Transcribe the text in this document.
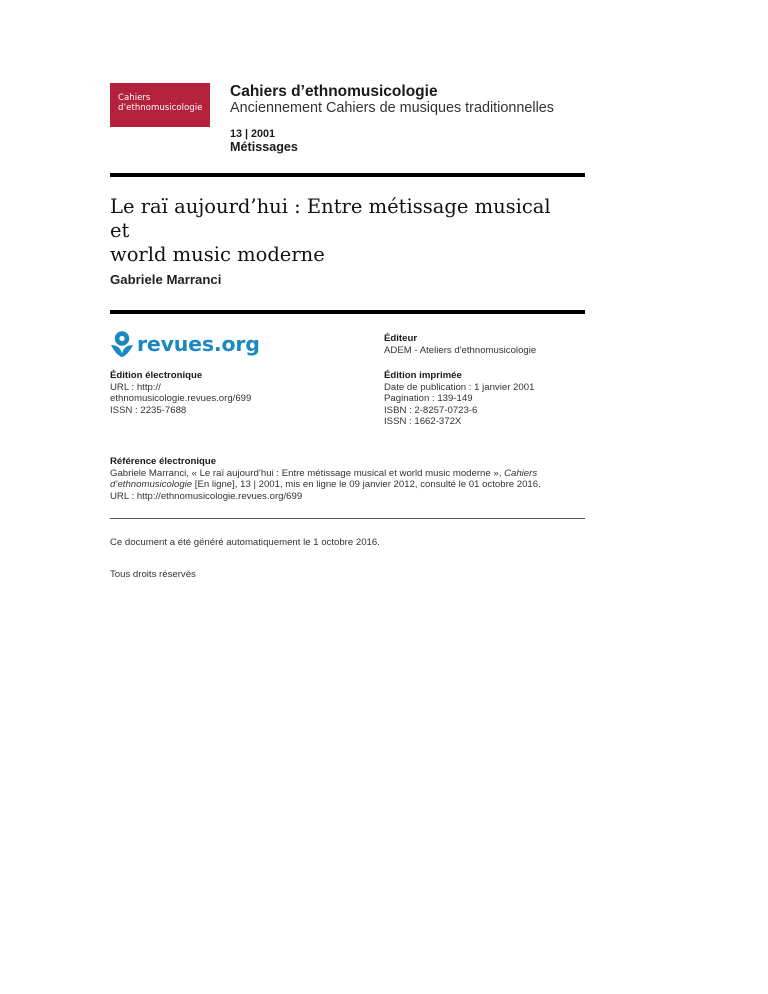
Cahiers
d’ethnomusicologie
Cahiers d’ethnomusicologie
Anciennement Cahiers de musiques traditionnelles
13 | 2001
Métissages
Le raï aujourd’hui : Entre métissage musical et
world music moderne
Gabriele Marranci
revues.org	Éditeur
ADEM - Ateliers d'ethnomusicologie
Édition électronique
URL : http://
ethnomusicologie.revues.org/699
ISSN : 2235-7688
Édition imprimée
Date de publication : 1 janvier 2001
Pagination : 139-149
ISBN : 2-8257-0723-6
ISSN : 1662-372X
Référence électronique
Gabriele Marranci, « Le raï aujourd’hui : Entre métissage musical et world music moderne », Cahiers
d’ethnomusicologie [En ligne], 13 | 2001, mis en ligne le 09 janvier 2012, consulté le 01 octobre 2016.
URL : http://ethnomusicologie.revues.org/699
Ce document a été généré automatiquement le 1 octobre 2016.
Tous droits réservés
